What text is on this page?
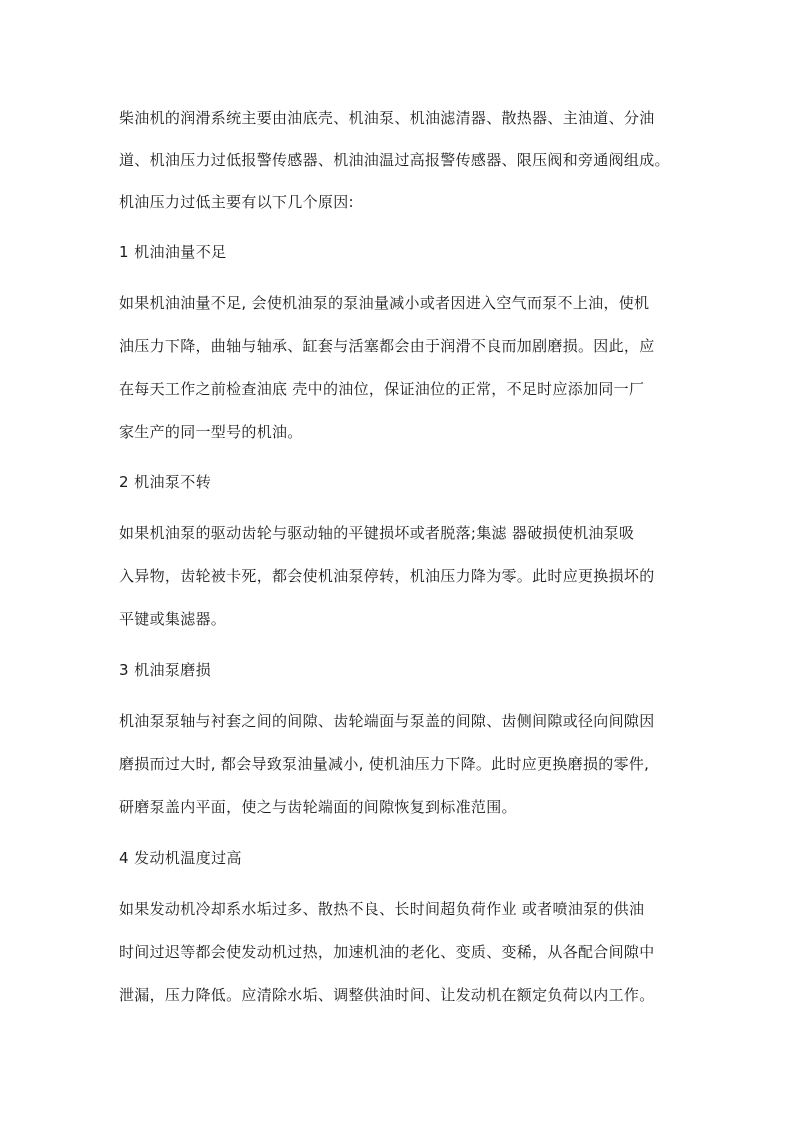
柴油机的润滑系统主要由油底壳、机油泵、机油滤清器、散热器、主油道、分油
道、机油压力过低报警传感器、机油油温过高报警传感器、限压阀和旁通阀组成。
机油压力过低主要有以下几个原因:
1 机油油量不足
如果机油油量不足, 会使机油泵的泵油量减小或者因进入空气而泵不上油，使机
油压力下降，曲轴与轴承、缸套与活塞都会由于润滑不良而加剧磨损。因此，应
在每天工作之前检查油底 壳中的油位，保证油位的正常，不足时应添加同一厂
家生产的同一型号的机油。
2 机油泵不转
如果机油泵的驱动齿轮与驱动轴的平键损坏或者脱落;集滤 器破损使机油泵吸
入异物，齿轮被卡死，都会使机油泵停转，机油压力降为零。此时应更换损坏的
平键或集滤器。
3 机油泵磨损
机油泵泵轴与衬套之间的间隙、齿轮端面与泵盖的间隙、齿侧间隙或径向间隙因
磨损而过大时, 都会导致泵油量减小, 使机油压力下降。此时应更换磨损的零件,
研磨泵盖内平面，使之与齿轮端面的间隙恢复到标准范围。
4 发动机温度过高
如果发动机冷却系水垢过多、散热不良、长时间超负荷作业 或者喷油泵的供油
时间过迟等都会使发动机过热，加速机油的老化、变质、变稀，从各配合间隙中
泄漏，压力降低。应清除水垢、调整供油时间、让发动机在额定负荷以内工作。
